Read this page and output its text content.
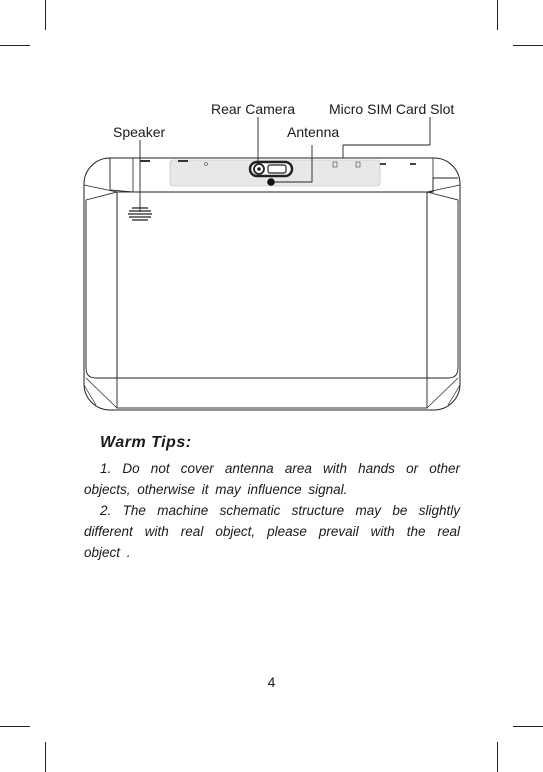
Rear Camera Micro SIM Card Slot
Speaker	Antenna
Warm Tips:

1. Do not cover antenna area with hands or other objects, otherwise it may influence signal.

2. The machine schematic structure may be slightly different with real object, please prevail with the real object .

4
